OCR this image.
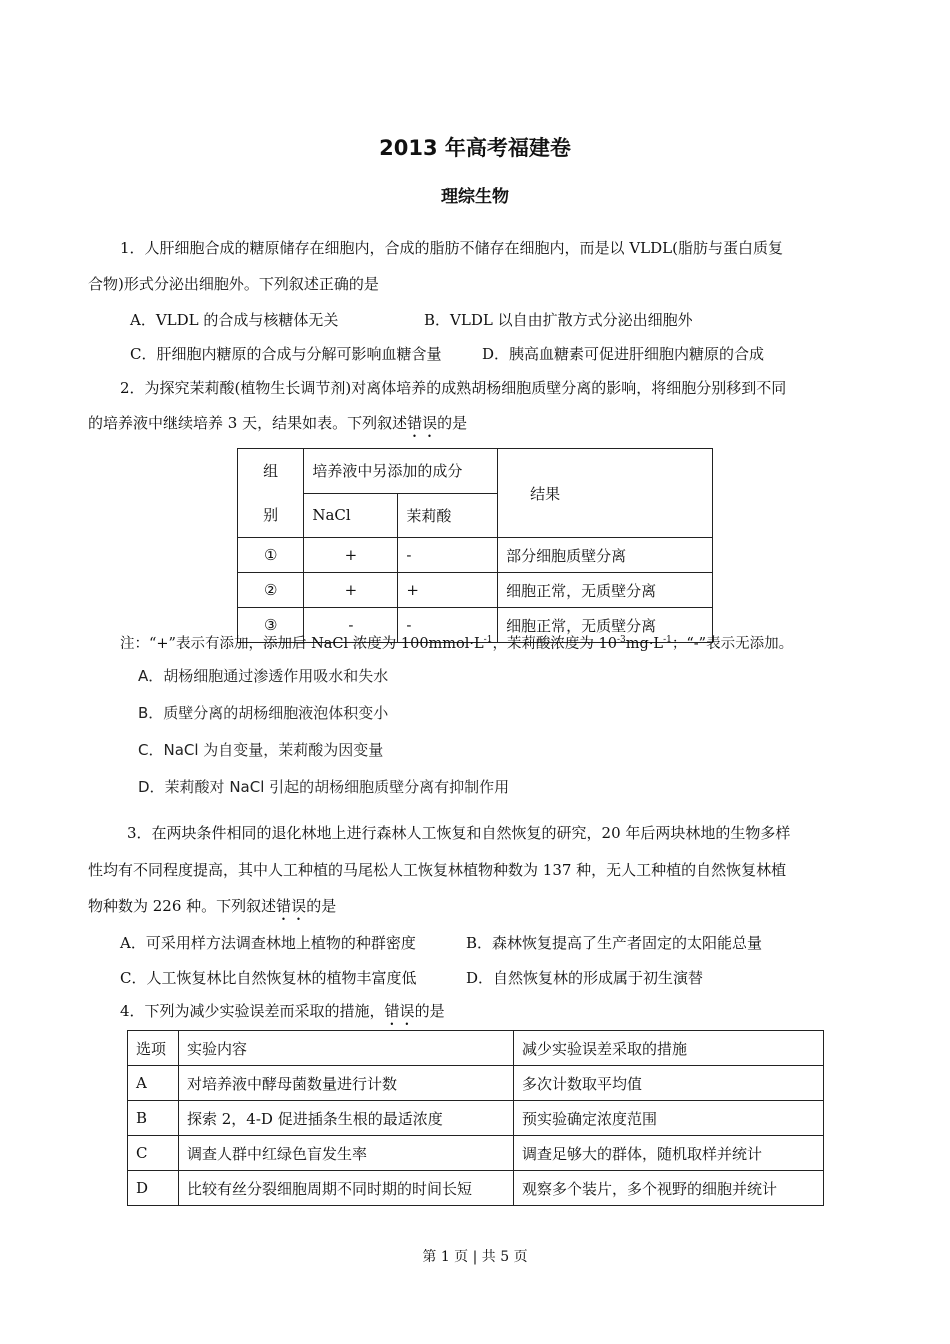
2013 年高考福建卷
理综生物
1．人肝细胞合成的糖原储存在细胞内，合成的脂肪不储存在细胞内，而是以 VLDL(脂肪与蛋白质复
合物)形式分泌出细胞外。下列叙述正确的是
A．VLDL 的合成与核糖体无关	B．VLDL 以自由扩散方式分泌出细胞外
C．肝细胞内糖原的合成与分解可影响血糖含量	D．胰高血糖素可促进肝细胞内糖原的合成
2．为探究茉莉酸(植物生长调节剂)对离体培养的成熟胡杨细胞质壁分离的影响，将细胞分别移到不同
的培养液中继续培养 3 天，结果如表。下列叙述错误的是
组
别	培养液中另添加的成分		结果
	NaCl	茉莉酸	
①	+	-	部分细胞质壁分离
②	+	+	细胞正常，无质壁分离
③	-	-	细胞正常，无质壁分离
注：“+”表示有添加，添加后 NaCl 浓度为 $100mmol\cdot L^{-1}$，茉莉酸浓度为 $10^{-3}mg\cdot L^{-1}$；“-”表示无添加。
A．胡杨细胞通过渗透作用吸水和失水
B．质壁分离的胡杨细胞液泡体积变小
C．NaCl 为自变量，茉莉酸为因变量
D．茉莉酸对 NaCl 引起的胡杨细胞质壁分离有抑制作用
3．在两块条件相同的退化林地上进行森林人工恢复和自然恢复的研究，20 年后两块林地的生物多样
性均有不同程度提高，其中人工种植的马尾松人工恢复林植物种数为 137 种，无人工种植的自然恢复林植
物种数为 226 种。下列叙述错误的是
A．可采用样方法调查林地上植物的种群密度	B．森林恢复提高了生产者固定的太阳能总量
C．人工恢复林比自然恢复林的植物丰富度低	D．自然恢复林的形成属于初生演替
4．下列为减少实验误差而采取的措施，错误的是
选项	实验内容	减少实验误差采取的措施
A	对培养液中酵母菌数量进行计数	多次计数取平均值
B	探索 2，4-D 促进插条生根的最适浓度	预实验确定浓度范围
C	调查人群中红绿色盲发生率	调查足够大的群体，随机取样并统计
D	比较有丝分裂细胞周期不同时期的时间长短	观察多个装片，多个视野的细胞并统计
第 1 页 | 共 5 页
